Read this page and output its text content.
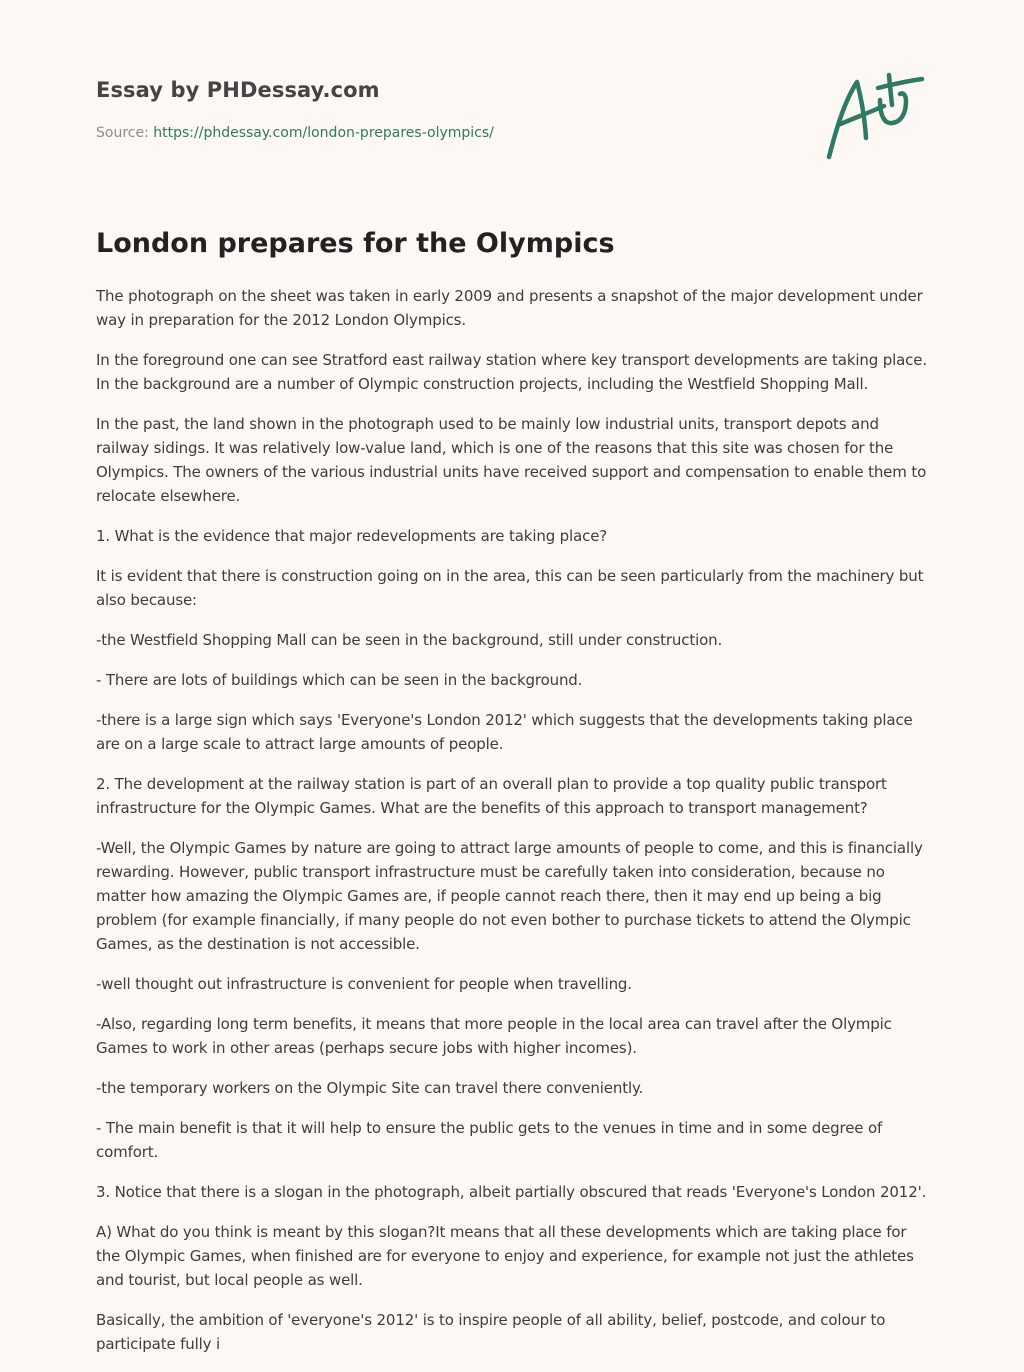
Essay by PHDessay.com
Source: https://phdessay.com/london-prepares-olympics/
London prepares for the Olympics

The photograph on the sheet was taken in early 2009 and presents a snapshot of the major development under way in preparation for the 2012 London Olympics.

In the foreground one can see Stratford east railway station where key transport developments are taking place. In the background are a number of Olympic construction projects, including the Westfield Shopping Mall.

In the past, the land shown in the photograph used to be mainly low industrial units, transport depots and railway sidings. It was relatively low-value land, which is one of the reasons that this site was chosen for the Olympics. The owners of the various industrial units have received support and compensation to enable them to relocate elsewhere.

1. What is the evidence that major redevelopments are taking place?

It is evident that there is construction going on in the area, this can be seen particularly from the machinery but also because:

-the Westfield Shopping Mall can be seen in the background, still under construction.

- There are lots of buildings which can be seen in the background.

-there is a large sign which says 'Everyone's London 2012' which suggests that the developments taking place are on a large scale to attract large amounts of people.

2. The development at the railway station is part of an overall plan to provide a top quality public transport infrastructure for the Olympic Games. What are the benefits of this approach to transport management?

-Well, the Olympic Games by nature are going to attract large amounts of people to come, and this is financially rewarding. However, public transport infrastructure must be carefully taken into consideration, because no matter how amazing the Olympic Games are, if people cannot reach there, then it may end up being a big problem (for example financially, if many people do not even bother to purchase tickets to attend the Olympic Games, as the destination is not accessible.

-well thought out infrastructure is convenient for people when travelling.

-Also, regarding long term benefits, it means that more people in the local area can travel after the Olympic Games to work in other areas (perhaps secure jobs with higher incomes).

-the temporary workers on the Olympic Site can travel there conveniently.

- The main benefit is that it will help to ensure the public gets to the venues in time and in some degree of comfort.

3. Notice that there is a slogan in the photograph, albeit partially obscured that reads 'Everyone's London 2012'.

A) What do you think is meant by this slogan?It means that all these developments which are taking place for the Olympic Games, when finished are for everyone to enjoy and experience, for example not just the athletes and tourist, but local people as well.

Basically, the ambition of 'everyone's 2012' is to inspire people of all ability, belief, postcode, and colour to participate fully i
